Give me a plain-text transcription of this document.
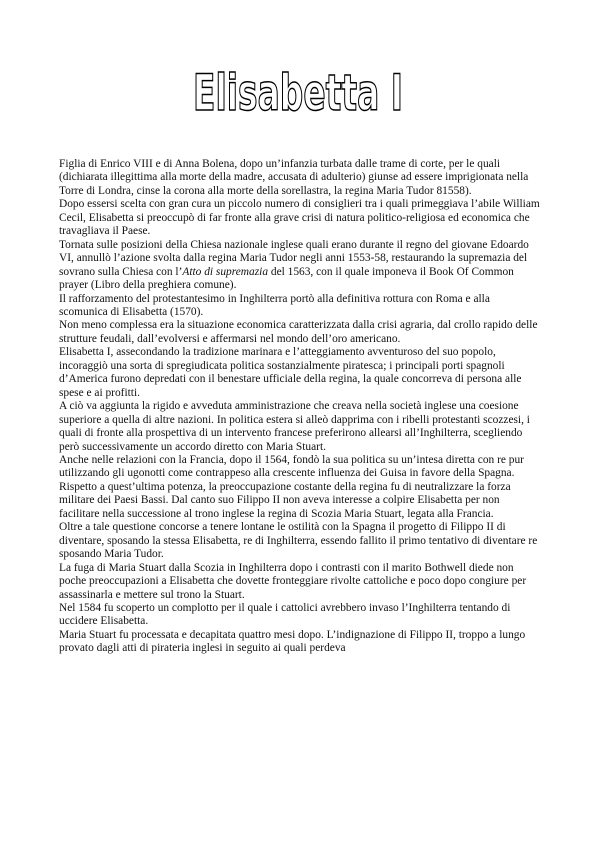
Elisabetta I

Figlia di Enrico VIII e di Anna Bolena, dopo un’infanzia turbata dalle trame di corte, per le quali (dichiarata illegittima alla morte della madre, accusata di adulterio) giunse ad essere imprigionata nella Torre di Londra, cinse la corona alla morte della sorellastra, la regina Maria Tudor 81558).

Dopo essersi scelta con gran cura un piccolo numero di consiglieri tra i quali primeggiava l’abile William Cecil, Elisabetta si preoccupò di far fronte alla grave crisi di natura politico-religiosa ed economica che travagliava il Paese.

Tornata sulle posizioni della Chiesa nazionale inglese quali erano durante il regno del giovane Edoardo VI, annullò l’azione svolta dalla regina Maria Tudor negli anni 1553-58, restaurando la supremazia del sovrano sulla Chiesa con l’Atto di supremazia del 1563, con il quale imponeva il Book Of Common prayer (Libro della preghiera comune).

Il rafforzamento del protestantesimo in Inghilterra portò alla definitiva rottura con Roma e alla scomunica di Elisabetta (1570).

Non meno complessa era la situazione economica caratterizzata dalla crisi agraria, dal crollo rapido delle strutture feudali, dall’evolversi e affermarsi nel mondo dell’oro americano.

Elisabetta I, assecondando la tradizione marinara e l’atteggiamento avventuroso del suo popolo, incoraggiò una sorta di spregiudicata politica sostanzialmente piratesca; i principali porti spagnoli d’America furono depredati con il benestare ufficiale della regina, la quale concorreva di persona alle spese e ai profitti.

A ciò va aggiunta la rigido e avveduta amministrazione che creava nella società inglese una coesione superiore a quella di altre nazioni. In politica estera si alleò dapprima con i ribelli protestanti scozzesi, i quali di fronte alla prospettiva di un intervento francese preferirono allearsi all’Inghilterra, scegliendo però successivamente un accordo diretto con Maria Stuart.

Anche nelle relazioni con la Francia, dopo il 1564, fondò la sua politica su un’intesa diretta con re pur utilizzando gli ugonotti come contrappeso alla crescente influenza dei Guisa in favore della Spagna.

Rispetto a quest’ultima potenza, la preoccupazione costante della regina fu di neutralizzare la forza militare dei Paesi Bassi. Dal canto suo Filippo II non aveva interesse a colpire Elisabetta per non facilitare nella successione al trono inglese la regina di Scozia Maria Stuart, legata alla Francia.

Oltre a tale questione concorse a tenere lontane le ostilità con la Spagna il progetto di Filippo II di diventare, sposando la stessa Elisabetta, re di Inghilterra, essendo fallito il primo tentativo di diventare re sposando Maria Tudor.

La fuga di Maria Stuart dalla Scozia in Inghilterra dopo i contrasti con il marito Bothwell diede non poche preoccupazioni a Elisabetta che dovette fronteggiare rivolte cattoliche e poco dopo congiure per assassinarla e mettere sul trono la Stuart.

Nel 1584 fu scoperto un complotto per il quale i cattolici avrebbero invaso l’Inghilterra tentando di uccidere Elisabetta.

Maria Stuart fu processata e decapitata quattro mesi dopo. L’indignazione di Filippo II, troppo a lungo provato dagli atti di pirateria inglesi in seguito ai quali perdeva
